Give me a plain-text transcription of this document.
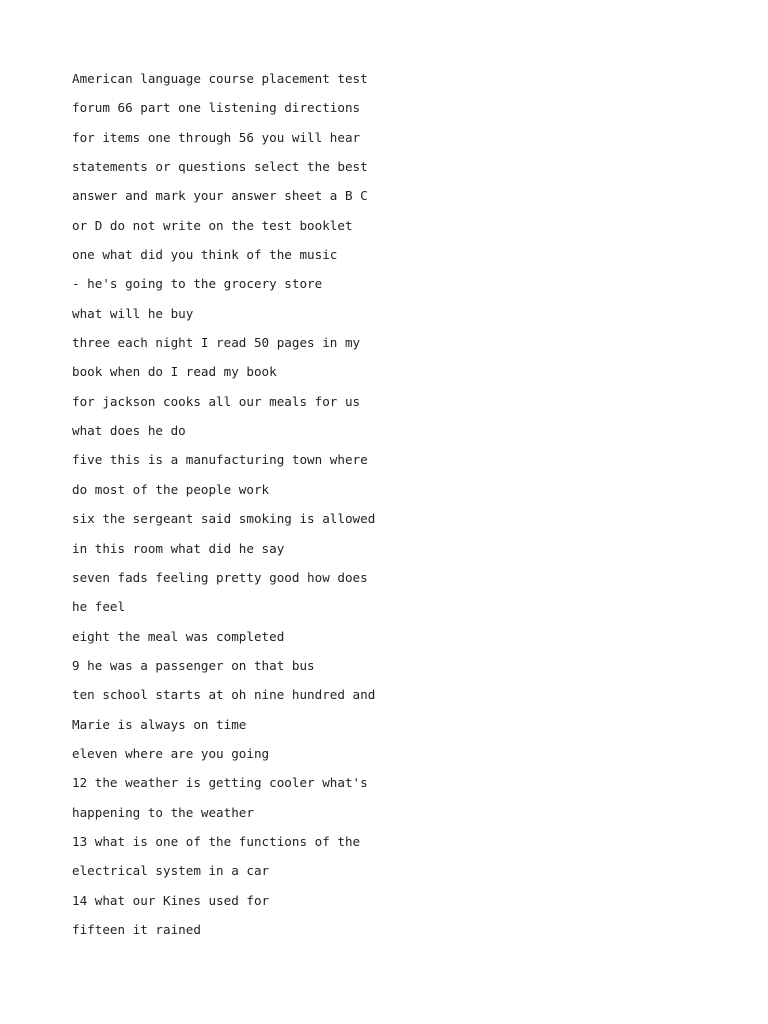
American language course placement test
forum 66 part one listening directions
for items one through 56 you will hear
statements or questions select the best
answer and mark your answer sheet a B C
or D do not write on the test booklet
one what did you think of the music
- he's going to the grocery store
what will he buy
three each night I read 50 pages in my
book when do I read my book
for jackson cooks all our meals for us
what does he do
five this is a manufacturing town where
do most of the people work
six the sergeant said smoking is allowed
in this room what did he say
seven fads feeling pretty good how does
he feel
eight the meal was completed
9 he was a passenger on that bus
ten school starts at oh nine hundred and
Marie is always on time
eleven where are you going
12 the weather is getting cooler what's
happening to the weather
13 what is one of the functions of the
electrical system in a car
14 what our Kines used for
fifteen it rained
